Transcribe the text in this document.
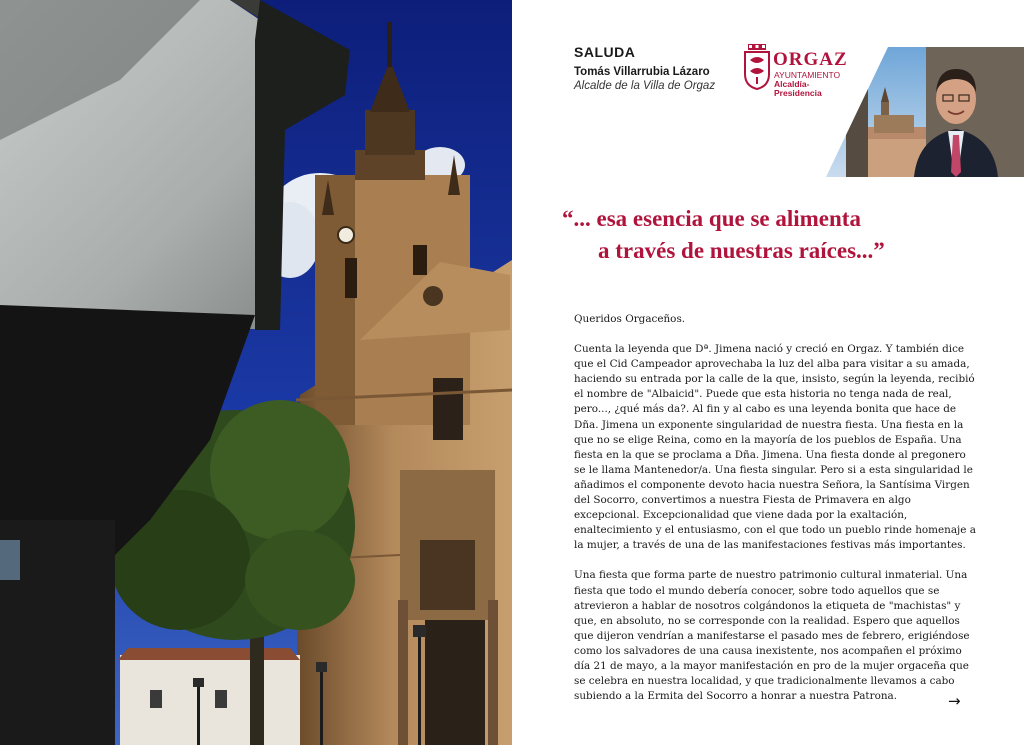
SALUDA

Tomás Villarrubia Lázaro

Alcalde de la Villa de Orgaz

ORGAZ
AYUNTAMIENTO
Alcaldía-Presidencia
“... esa esencia que se alimenta
a través de nuestras raíces...”

Queridos Orgaceños.

Cuenta la leyenda que Dª. Jimena nació y creció en Orgaz. Y también dice que el Cid Campeador aprovechaba la luz del alba para visitar a su amada, haciendo su entrada por la calle de la que, insisto, según la leyenda, recibió el nombre de "Albaicid". Puede que esta historia no tenga nada de real, pero..., ¿qué más da?. Al fin y al cabo es una leyenda bonita que hace de Dña. Jimena un exponente singularidad de nuestra fiesta. Una fiesta en la que no se elige Reina, como en la mayoría de los pueblos de España. Una fiesta en la que se proclama a Dña. Jimena. Una fiesta donde al pregonero se le llama Mantenedor/a. Una fiesta singular. Pero si a esta singularidad le añadimos el componente devoto hacia nuestra Señora, la Santísima Virgen del Socorro, convertimos a nuestra Fiesta de Primavera en algo excepcional. Excepcionalidad que viene dada por la exaltación, enaltecimiento y el entusiasmo, con el que todo un pueblo rinde homenaje a la mujer, a través de una de las manifestaciones festivas más importantes.

Una fiesta que forma parte de nuestro patrimonio cultural inmaterial. Una fiesta que todo el mundo debería conocer, sobre todo aquellos que se atrevieron a hablar de nosotros colgándonos la etiqueta de "machistas" y que, en absoluto, no se corresponde con la realidad. Espero que aquellos que dijeron vendrían a manifestarse el pasado mes de febrero, erigiéndose como los salvadores de una causa inexistente, nos acompañen el próximo día 21 de mayo, a la mayor manifestación en pro de la mujer orgaceña que se celebra en nuestra localidad, y que tradicionalmente llevamos a cabo subiendo a la Ermita del Socorro a honrar a nuestra Patrona.	→
